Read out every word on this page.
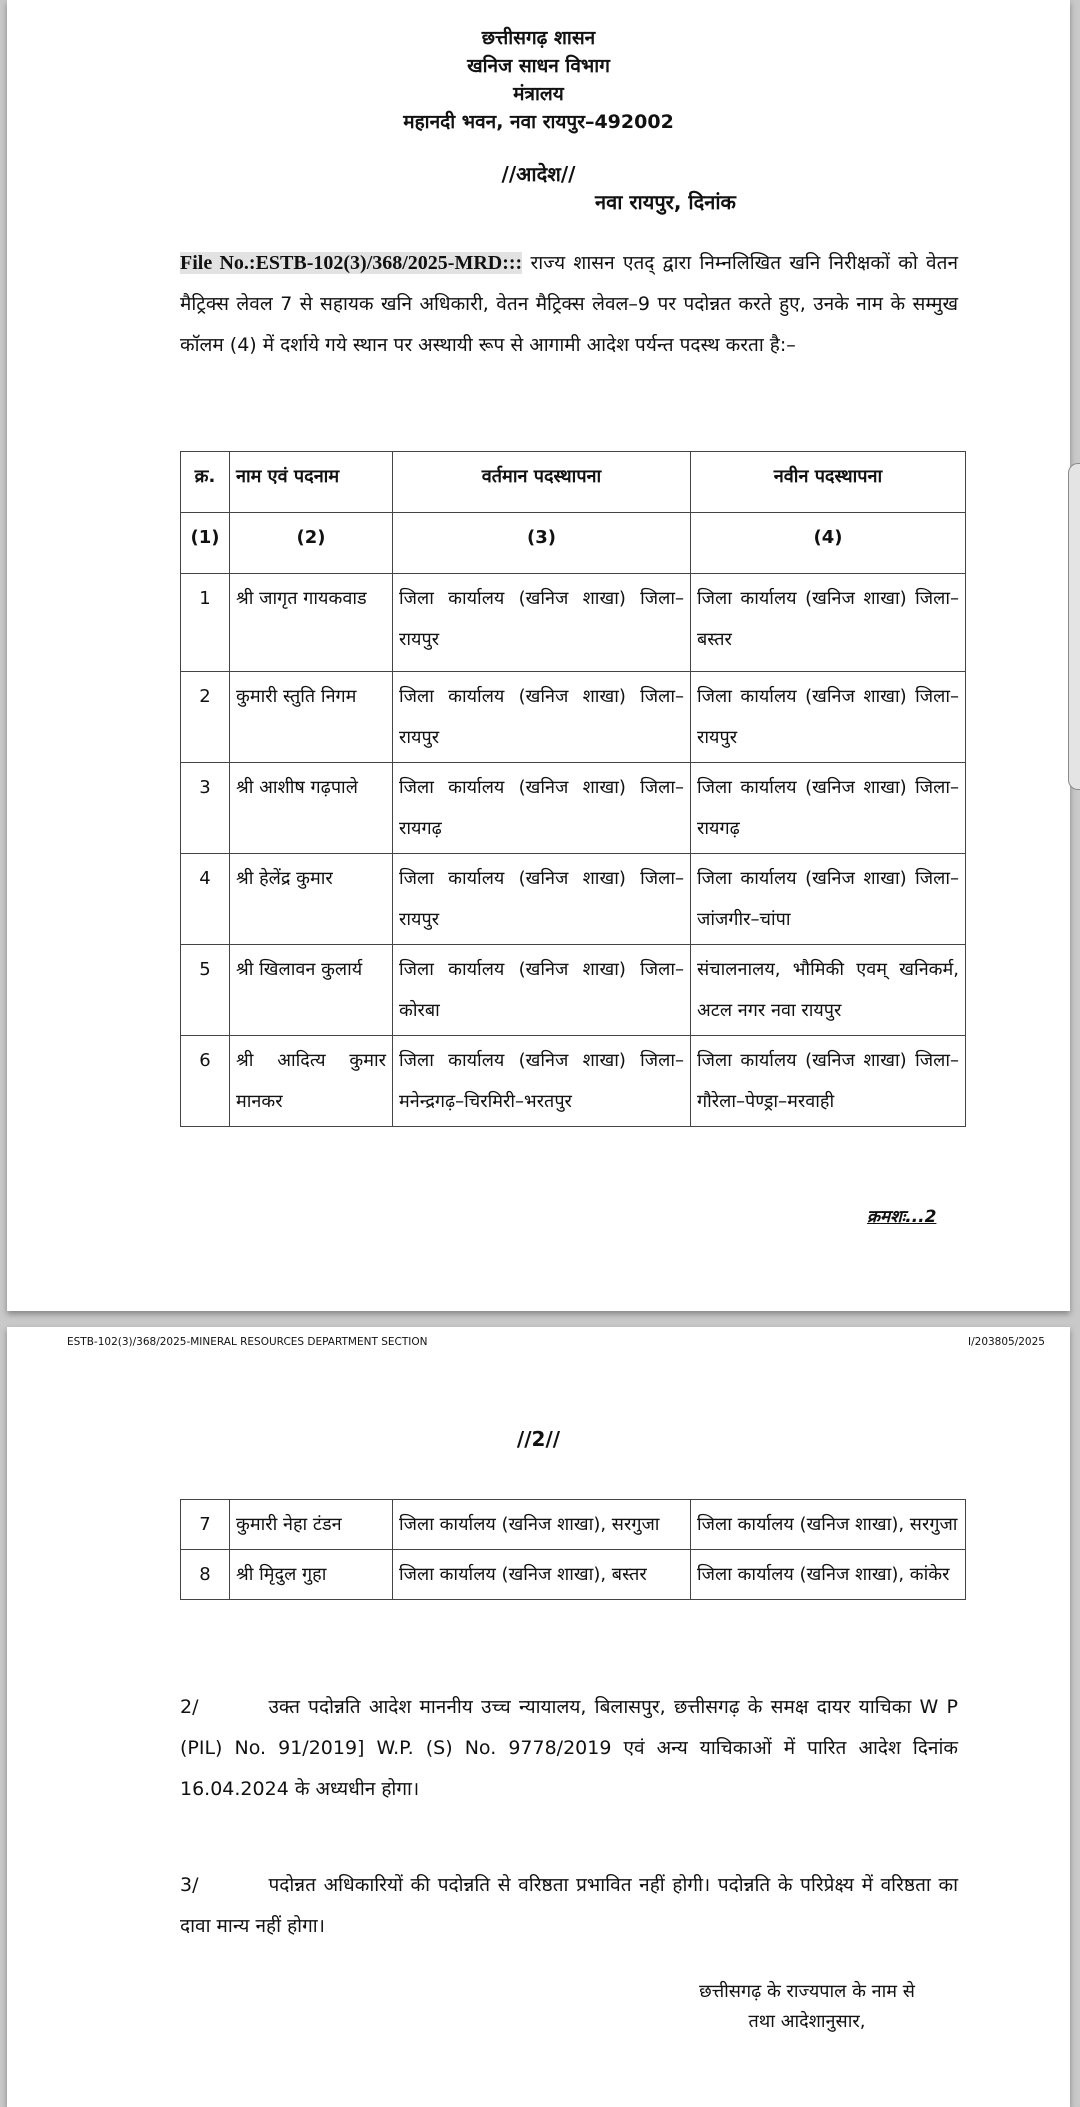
छत्तीसगढ़ शासन
खनिज साधन विभाग
मंत्रालय
महानदी भवन, नवा रायपुर–492002
//आदेश//
नवा रायपुर, दिनांक
File No.:ESTB-102(3)/368/2025-MRD::: राज्य शासन एतद् द्वारा निम्नलिखित खनि निरीक्षकों को वेतन मैट्रिक्स लेवल 7 से सहायक खनि अधिकारी, वेतन मैट्रिक्स लेवल–9 पर पदोन्नत करते हुए, उनके नाम के सम्मुख कॉलम (4) में दर्शाये गये स्थान पर अस्थायी रूप से आगामी आदेश पर्यन्त पदस्थ करता है:–
क्र.	नाम एवं पदनाम	वर्तमान पदस्थापना	नवीन पदस्थापना
(1)	(2)	(3)	(4)
1	श्री जागृत गायकवाड	जिला कार्यालय (खनिज शाखा) जिला–रायपुर	जिला कार्यालय (खनिज शाखा) जिला–बस्तर
2	कुमारी स्तुति निगम	जिला कार्यालय (खनिज शाखा) जिला–रायपुर	जिला कार्यालय (खनिज शाखा) जिला–रायपुर
3	श्री आशीष गढ़पाले	जिला कार्यालय (खनिज शाखा) जिला–रायगढ़	जिला कार्यालय (खनिज शाखा) जिला–रायगढ़
4	श्री हेलेंद्र कुमार	जिला कार्यालय (खनिज शाखा) जिला–रायपुर	जिला कार्यालय (खनिज शाखा) जिला–जांजगीर–चांपा
5	श्री खिलावन कुलार्य	जिला कार्यालय (खनिज शाखा) जिला–कोरबा	संचालनालय, भौमिकी एवम् खनिकर्म, अटल नगर नवा रायपुर
6	श्री आदित्य कुमार मानकर	जिला कार्यालय (खनिज शाखा) जिला–मनेन्द्रगढ़–चिरमिरी–भरतपुर	जिला कार्यालय (खनिज शाखा) जिला–गौरेला–पेण्ड्रा–मरवाही
क्रमशः...2
ESTB-102(3)/368/2025-MINERAL RESOURCES DEPARTMENT SECTION	I/203805/2025
//2//
7	कुमारी नेहा टंडन	जिला कार्यालय (खनिज शाखा), सरगुजा	जिला कार्यालय (खनिज शाखा), सरगुजा
8	श्री मिृदुल गुहा	जिला कार्यालय (खनिज शाखा), बस्तर	जिला कार्यालय (खनिज शाखा), कांकेर
2/	उक्त पदोन्नति आदेश माननीय उच्च न्यायालय, बिलासपुर, छत्तीसगढ़ के समक्ष दायर याचिका W P (PIL) No. 91/2019] W.P. (S) No. 9778/2019 एवं अन्य याचिकाओं में पारित आदेश दिनांक 16.04.2024 के अध्यधीन होगा।
3/	पदोन्नत अधिकारियों की पदोन्नति से वरिष्ठता प्रभावित नहीं होगी। पदोन्नति के परिप्रेक्ष्य में वरिष्ठता का दावा मान्य नहीं होगा।
छत्तीसगढ़ के राज्यपाल के नाम से
तथा आदेशानुसार,
